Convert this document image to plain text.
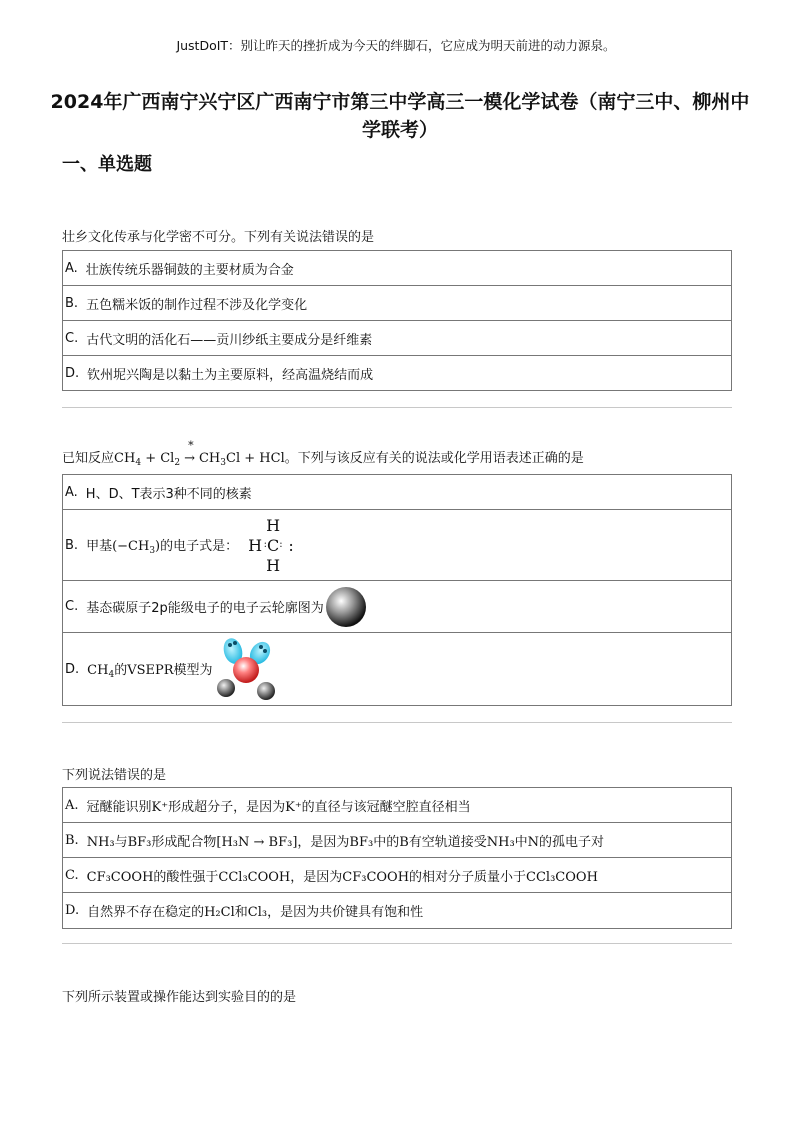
JustDoIT：别让昨天的挫折成为今天的绊脚石，它应成为明天前进的动力源泉。
2024年广西南宁兴宁区广西南宁市第三中学高三一模化学试卷（南宁三中、柳州中学联考）
一、单选题
壮乡文化传承与化学密不可分。下列有关说法错误的是
A. 壮族传统乐器铜鼓的主要材质为合金
B. 五色糯米饭的制作过程不涉及化学变化
C. 古代文明的活化石——贡川纱纸主要成分是纤维素
D. 钦州坭兴陶是以黏土为主要原料，经高温烧结而成
已知反应$CH_4 + Cl_2$
*
→ $CH_3Cl$ + HCl。下列与该反应有关的说法或化学用语表述正确的是
A. H、D、T表示3种不同的核素
B. 甲基$(-CH_3)$的电子式是：
H
H : C : :
H
C. 基态碳原子2p能级电子的电子云轮廓图为
D. $CH_4$的VSEPR模型为
下列说法错误的是
A. 冠醚能识别K⁺形成超分子，是因为K⁺的直径与该冠醚空腔直径相当
B. NH₃与BF₃形成配合物[H₃N → BF₃]，是因为BF₃中的B有空轨道接受NH₃中N的孤电子对
C. CF₃COOH的酸性强于CCl₃COOH，是因为CF₃COOH的相对分子质量小于CCl₃COOH
D. 自然界不存在稳定的H₂Cl和Cl₃，是因为共价键具有饱和性
下列所示装置或操作能达到实验目的的是
